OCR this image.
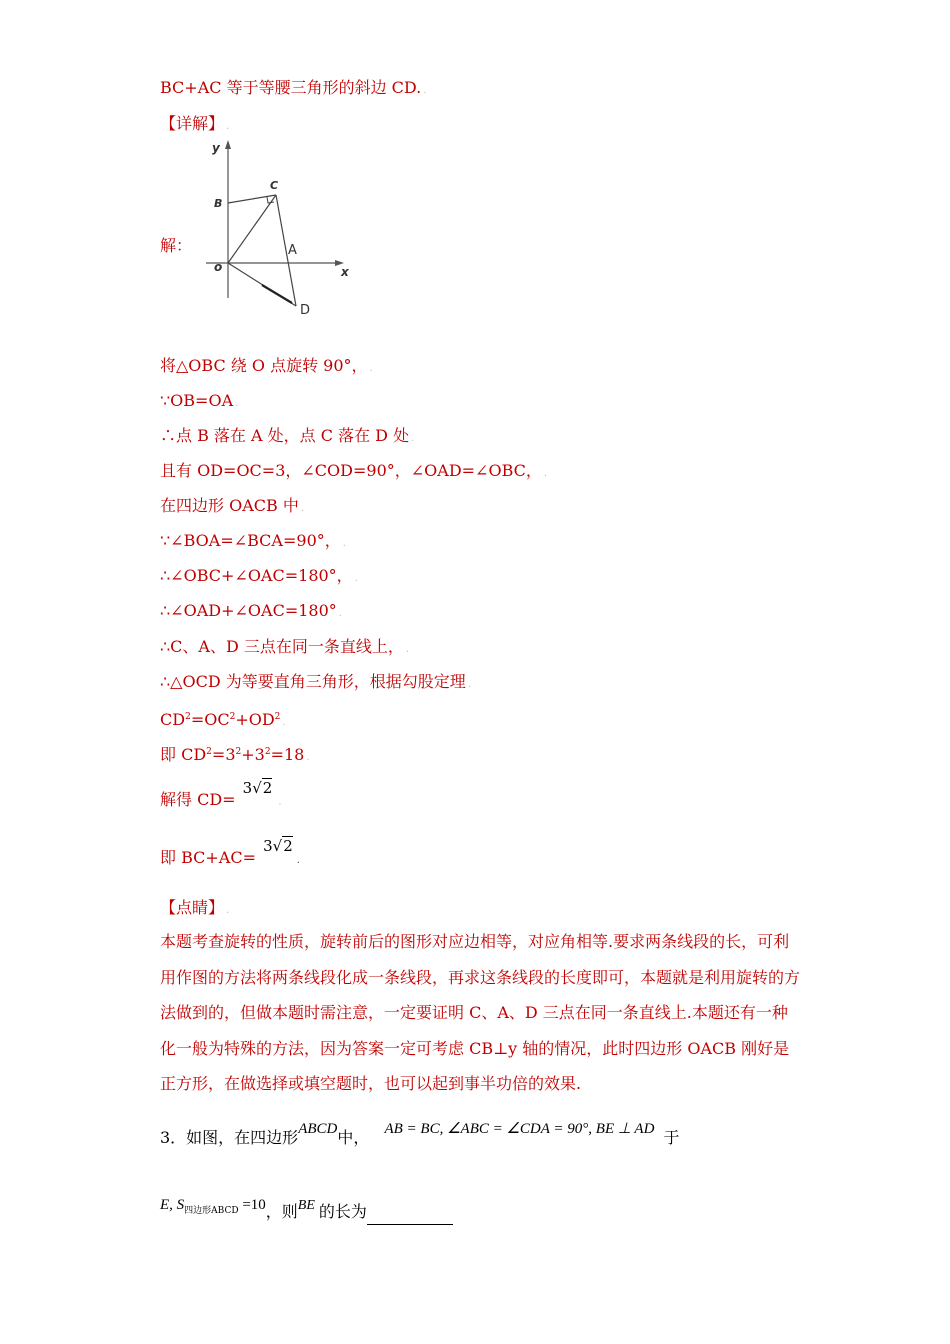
BC+AC 等于等腰三角形的斜边 CD. .
【详解】 .
解：
y
x
o
B
C
A
D
将△OBC 绕 O 点旋转 90°， .
∵OB=OA .
∴点 B 落在 A 处，点 C 落在 D 处 .
且有 OD=OC=3，∠COD=90°，∠OAD=∠OBC， .
在四边形 OACB 中 .
∵∠BOA=∠BCA=90°， .
∴∠OBC+∠OAC=180°， .
∴∠OAD+∠OAC=180° .
∴C、A、D 三点在同一条直线上， .
∴△OCD 为等要直角三角形，根据勾股定理 .
$CD^2=OC^2+OD^2$ .
即 $CD^2=3^2+3^2=18$ .
解得 CD= 3√2.
即 BC+AC= 3√2.
【点睛】 .
本题考查旋转的性质，旋转前后的图形对应边相等，对应角相等.要求两条线段的长，可利用作图的方法将两条线段化成一条线段，再求这条线段的长度即可，本题就是利用旋转的方法做到的，但做本题时需注意，一定要证明 C、A、D 三点在同一条直线上.本题还有一种化一般为特殊的方法，因为答案一定可考虑 CB⊥y 轴的情况，此时四边形 OACB 刚好是正方形，在做选择或填空题时，也可以起到事半功倍的效果.
3．如图，在四边形ABCD中， AB = BC, ∠ABC = ∠CDA = 90°, BE ⊥ AD 于
E, $S^{四边形ABCD} =10$，则BE 的长为
